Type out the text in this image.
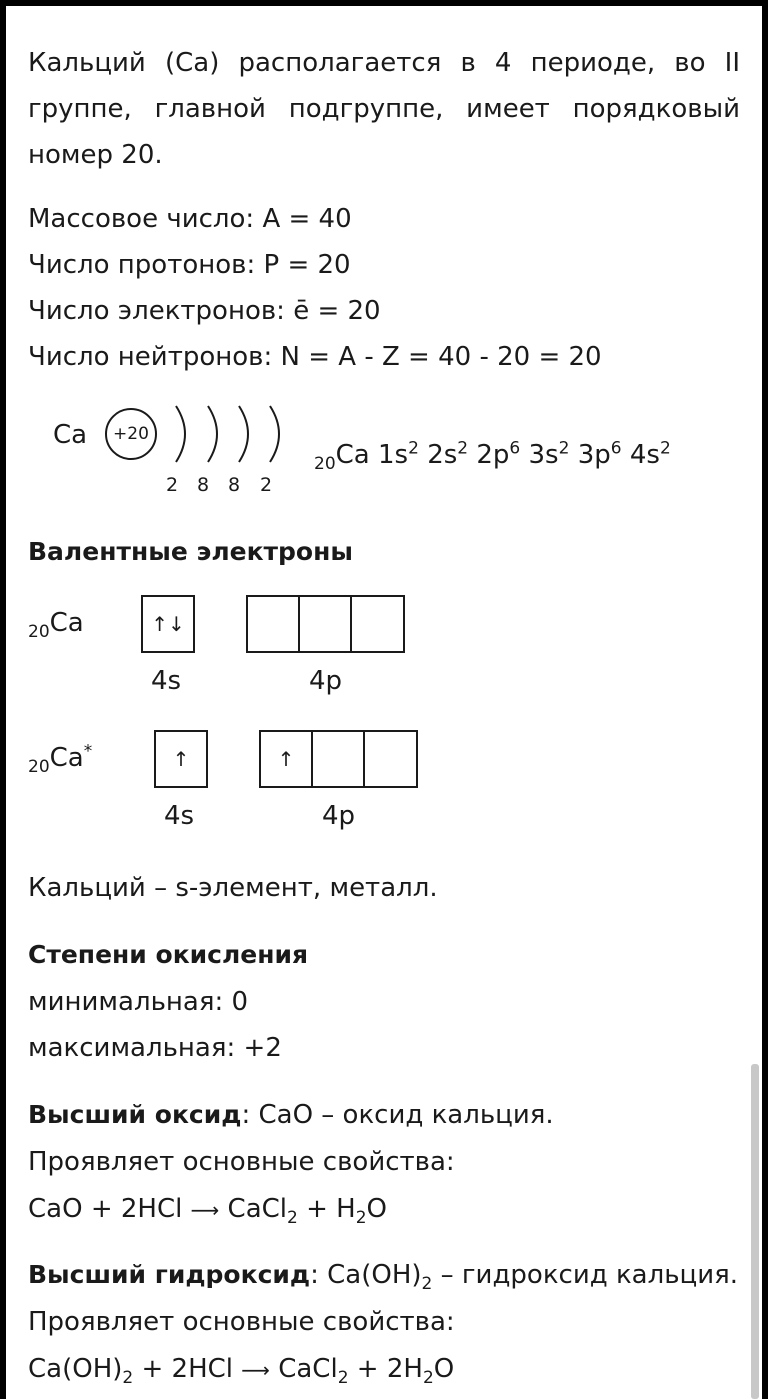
Кальций (Ca) располагается в 4 периоде, во II группе, главной подгруппе, имеет порядковый номер 20.
Массовое число: A = 40
Число протонов: P = 20
Число электронов: ē = 20
Число нейтронов: N = A - Z = 40 - 20 = 20
Ca +20
2 8 8 2
$_{20}$Ca $1s^2$ $2s^2$ $2p^6$ $3s^2$ $3p^6$ $4s^2$
Валентные электроны
$_{20}$Ca	↑↓
4s	4p
$_{20}$Ca*	↑	↑
4s	4p
Кальций – s-элемент, металл.
Степени окисления
минимальная: 0
максимальная: +2
Высший оксид: CaO – оксид кальция.
Проявляет основные свойства:
CaO + 2HCl ⟶ CaCl$_2$ + $H_2O$
Высший гидроксид: $Ca(OH)_2$ – гидроксид кальция.
Проявляет основные свойства:
$Ca(OH)_2 + 2HCl$ ⟶ CaCl$_2$ + $2H_2O$
